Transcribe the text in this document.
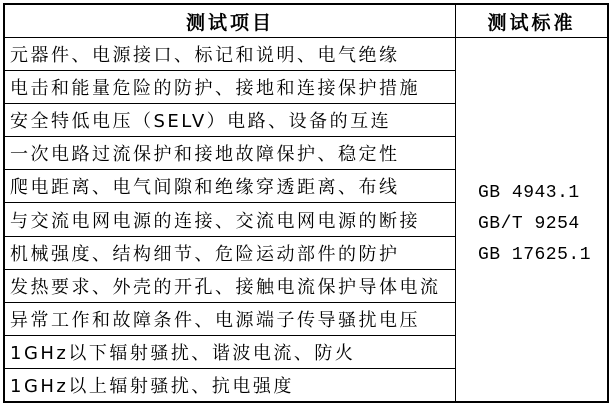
测试项目
元器件、电源接口、标记和说明、电气绝缘
电击和能量危险的防护、接地和连接保护措施
安全特低电压（SELV）电路、设备的互连
一次电路过流保护和接地故障保护、稳定性
爬电距离、电气间隙和绝缘穿透距离、布线
与交流电网电源的连接、交流电网电源的断接
机械强度、结构细节、危险运动部件的防护
发热要求、外壳的开孔、接触电流保护导体电流
异常工作和故障条件、电源端子传导骚扰电压
1GHz以下辐射骚扰、谐波电流、防火
1GHz以上辐射骚扰、抗电强度
测试标准
GB 4943.1
GB/T 9254
GB 17625.1
